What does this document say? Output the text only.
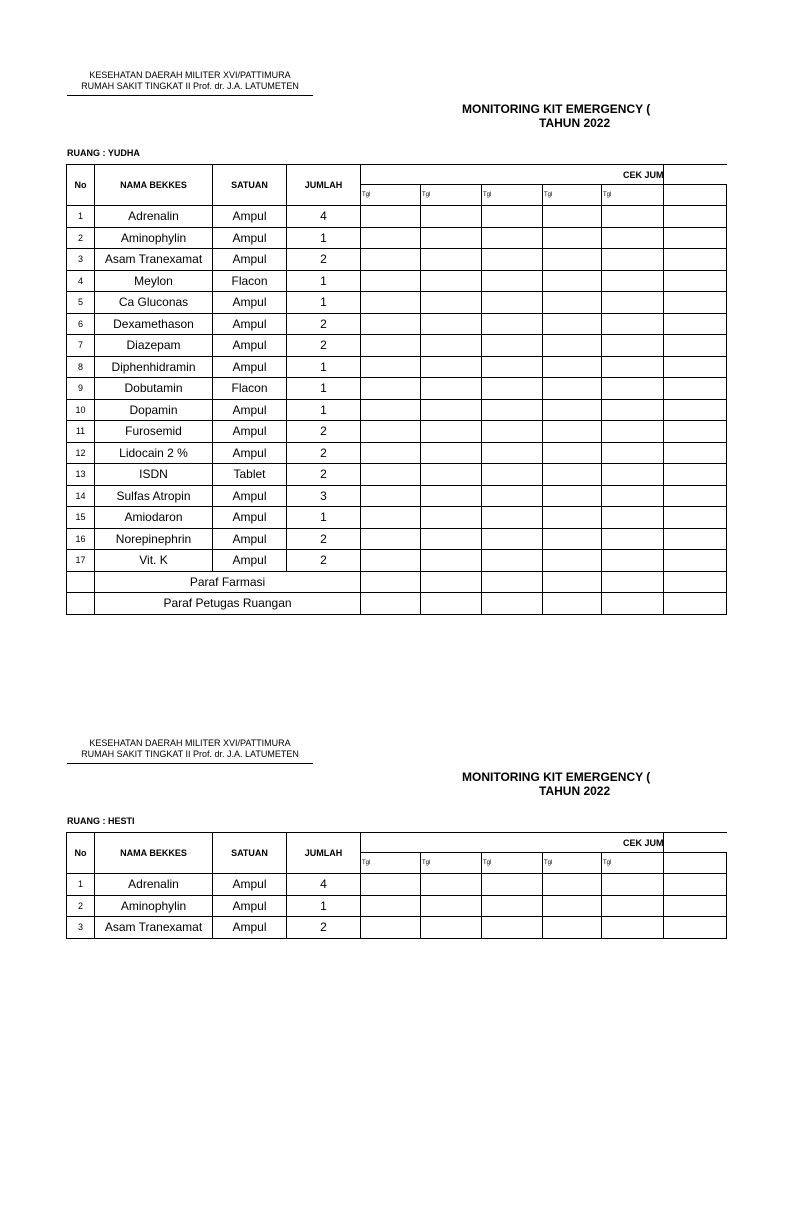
KESEHATAN DAERAH MILITER XVI/PATTIMURA
RUMAH SAKIT TINGKAT II Prof. dr. J.A. LATUMETEN
MONITORING KIT EMERGENCY (
TAHUN 2022
No	NAMA BEKKES	SATUAN	JUMLAH	CEK JUM				
				Tgl	Tgl	Tgl	Tgl	Tgl
1	Adrenalin	Ampul	4					
2	Aminophylin	Ampul	1					
3	Asam Tranexamat	Ampul	2					
4	Meylon	Flacon	1					
5	Ca Gluconas	Ampul	1					
6	Dexamethason	Ampul	2					
7	Diazepam	Ampul	2					
8	Diphenhidramin	Ampul	1					
9	Dobutamin	Flacon	1					
10	Dopamin	Ampul	1					
11	Furosemid	Ampul	2					
12	Lidocain 2 %	Ampul	2					
13	ISDN	Tablet	2					
14	Sulfas Atropin	Ampul	3					
15	Amiodaron	Ampul	1					
16	Norepinephrin	Ampul	2					
17	Vit. K	Ampul	2					
	Paraf Farmasi							
	Paraf Petugas Ruangan							
RUANG : YUDHA
KESEHATAN DAERAH MILITER XVI/PATTIMURA
RUMAH SAKIT TINGKAT II Prof. dr. J.A. LATUMETEN
MONITORING KIT EMERGENCY (
TAHUN 2022
No	NAMA BEKKES	SATUAN	JUMLAH	CEK JUM				
				Tgl	Tgl	Tgl	Tgl	Tgl
1	Adrenalin	Ampul	4					
2	Aminophylin	Ampul	1					
3	Asam Tranexamat	Ampul	2					
RUANG : HESTI
